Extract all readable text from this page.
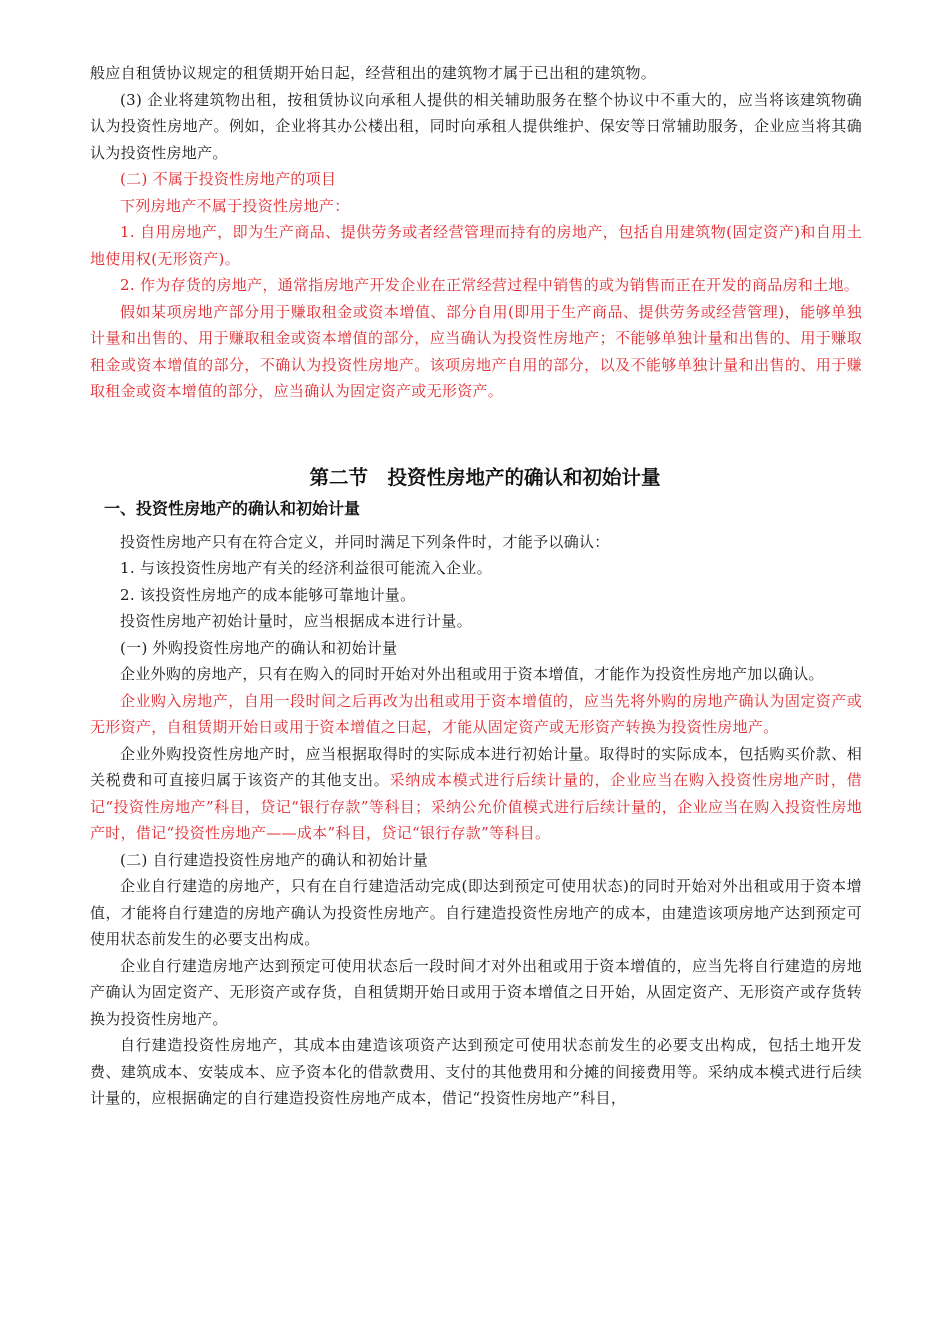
般应自租赁协议规定的租赁期开始日起，经营租出的建筑物才属于已出租的建筑物。

(3) 企业将建筑物出租，按租赁协议向承租人提供的相关辅助服务在整个协议中不重大的，应当将该建筑物确认为投资性房地产。例如，企业将其办公楼出租，同时向承租人提供维护、保安等日常辅助服务，企业应当将其确认为投资性房地产。

(二) 不属于投资性房地产的项目

下列房地产不属于投资性房地产：

1. 自用房地产，即为生产商品、提供劳务或者经营管理而持有的房地产，包括自用建筑物(固定资产)和自用土地使用权(无形资产)。

2. 作为存货的房地产，通常指房地产开发企业在正常经营过程中销售的或为销售而正在开发的商品房和土地。

假如某项房地产部分用于赚取租金或资本增值、部分自用(即用于生产商品、提供劳务或经营管理)，能够单独计量和出售的、用于赚取租金或资本增值的部分，应当确认为投资性房地产；不能够单独计量和出售的、用于赚取租金或资本增值的部分，不确认为投资性房地产。该项房地产自用的部分，以及不能够单独计量和出售的、用于赚取租金或资本增值的部分，应当确认为固定资产或无形资产。

第二节　投资性房地产的确认和初始计量
一、投资性房地产的确认和初始计量

投资性房地产只有在符合定义，并同时满足下列条件时，才能予以确认：

1. 与该投资性房地产有关的经济利益很可能流入企业。

2. 该投资性房地产的成本能够可靠地计量。

投资性房地产初始计量时，应当根据成本进行计量。

(一) 外购投资性房地产的确认和初始计量

企业外购的房地产，只有在购入的同时开始对外出租或用于资本增值，才能作为投资性房地产加以确认。

企业购入房地产，自用一段时间之后再改为出租或用于资本增值的，应当先将外购的房地产确认为固定资产或无形资产，自租赁期开始日或用于资本增值之日起，才能从固定资产或无形资产转换为投资性房地产。

企业外购投资性房地产时，应当根据取得时的实际成本进行初始计量。取得时的实际成本，包括购买价款、相关税费和可直接归属于该资产的其他支出。采纳成本模式进行后续计量的，企业应当在购入投资性房地产时，借记“投资性房地产”科目，贷记“银行存款”等科目；采纳公允价值模式进行后续计量的，企业应当在购入投资性房地产时，借记“投资性房地产——成本”科目，贷记“银行存款”等科目。

(二) 自行建造投资性房地产的确认和初始计量

企业自行建造的房地产，只有在自行建造活动完成(即达到预定可使用状态)的同时开始对外出租或用于资本增值，才能将自行建造的房地产确认为投资性房地产。自行建造投资性房地产的成本，由建造该项房地产达到预定可使用状态前发生的必要支出构成。

企业自行建造房地产达到预定可使用状态后一段时间才对外出租或用于资本增值的，应当先将自行建造的房地产确认为固定资产、无形资产或存货，自租赁期开始日或用于资本增值之日开始，从固定资产、无形资产或存货转换为投资性房地产。

自行建造投资性房地产，其成本由建造该项资产达到预定可使用状态前发生的必要支出构成，包括土地开发费、建筑成本、安装成本、应予资本化的借款费用、支付的其他费用和分摊的间接费用等。采纳成本模式进行后续计量的，应根据确定的自行建造投资性房地产成本，借记“投资性房地产”科目，
